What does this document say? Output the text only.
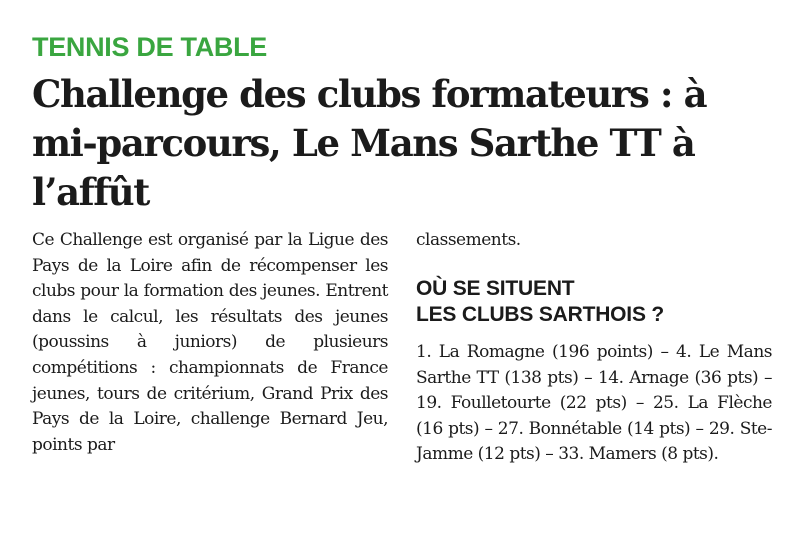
TENNIS DE TABLE
Challenge des clubs formateurs : à mi-parcours, Le Mans Sarthe TT à l’affût

Ce Challenge est organisé par la Ligue des Pays de la Loire afin de récompenser les clubs pour la formation des jeunes. Entrent dans le calcul, les résultats des jeunes (poussins à juniors) de plusieurs compétitions : championnats de France jeunes, tours de critérium, Grand Prix des Pays de la Loire, challenge Bernard Jeu, points par

classements.

OÙ SE SITUENT
LES CLUBS SARTHOIS ?

1. La Romagne (196 points) – 4. Le Mans Sarthe TT (138 pts) – 14. Arnage (36 pts) – 19. Foulletourte (22 pts) – 25. La Flèche (16 pts) – 27. Bonnétable (14 pts) – 29. Ste-Jamme (12 pts) – 33. Mamers (8 pts).
